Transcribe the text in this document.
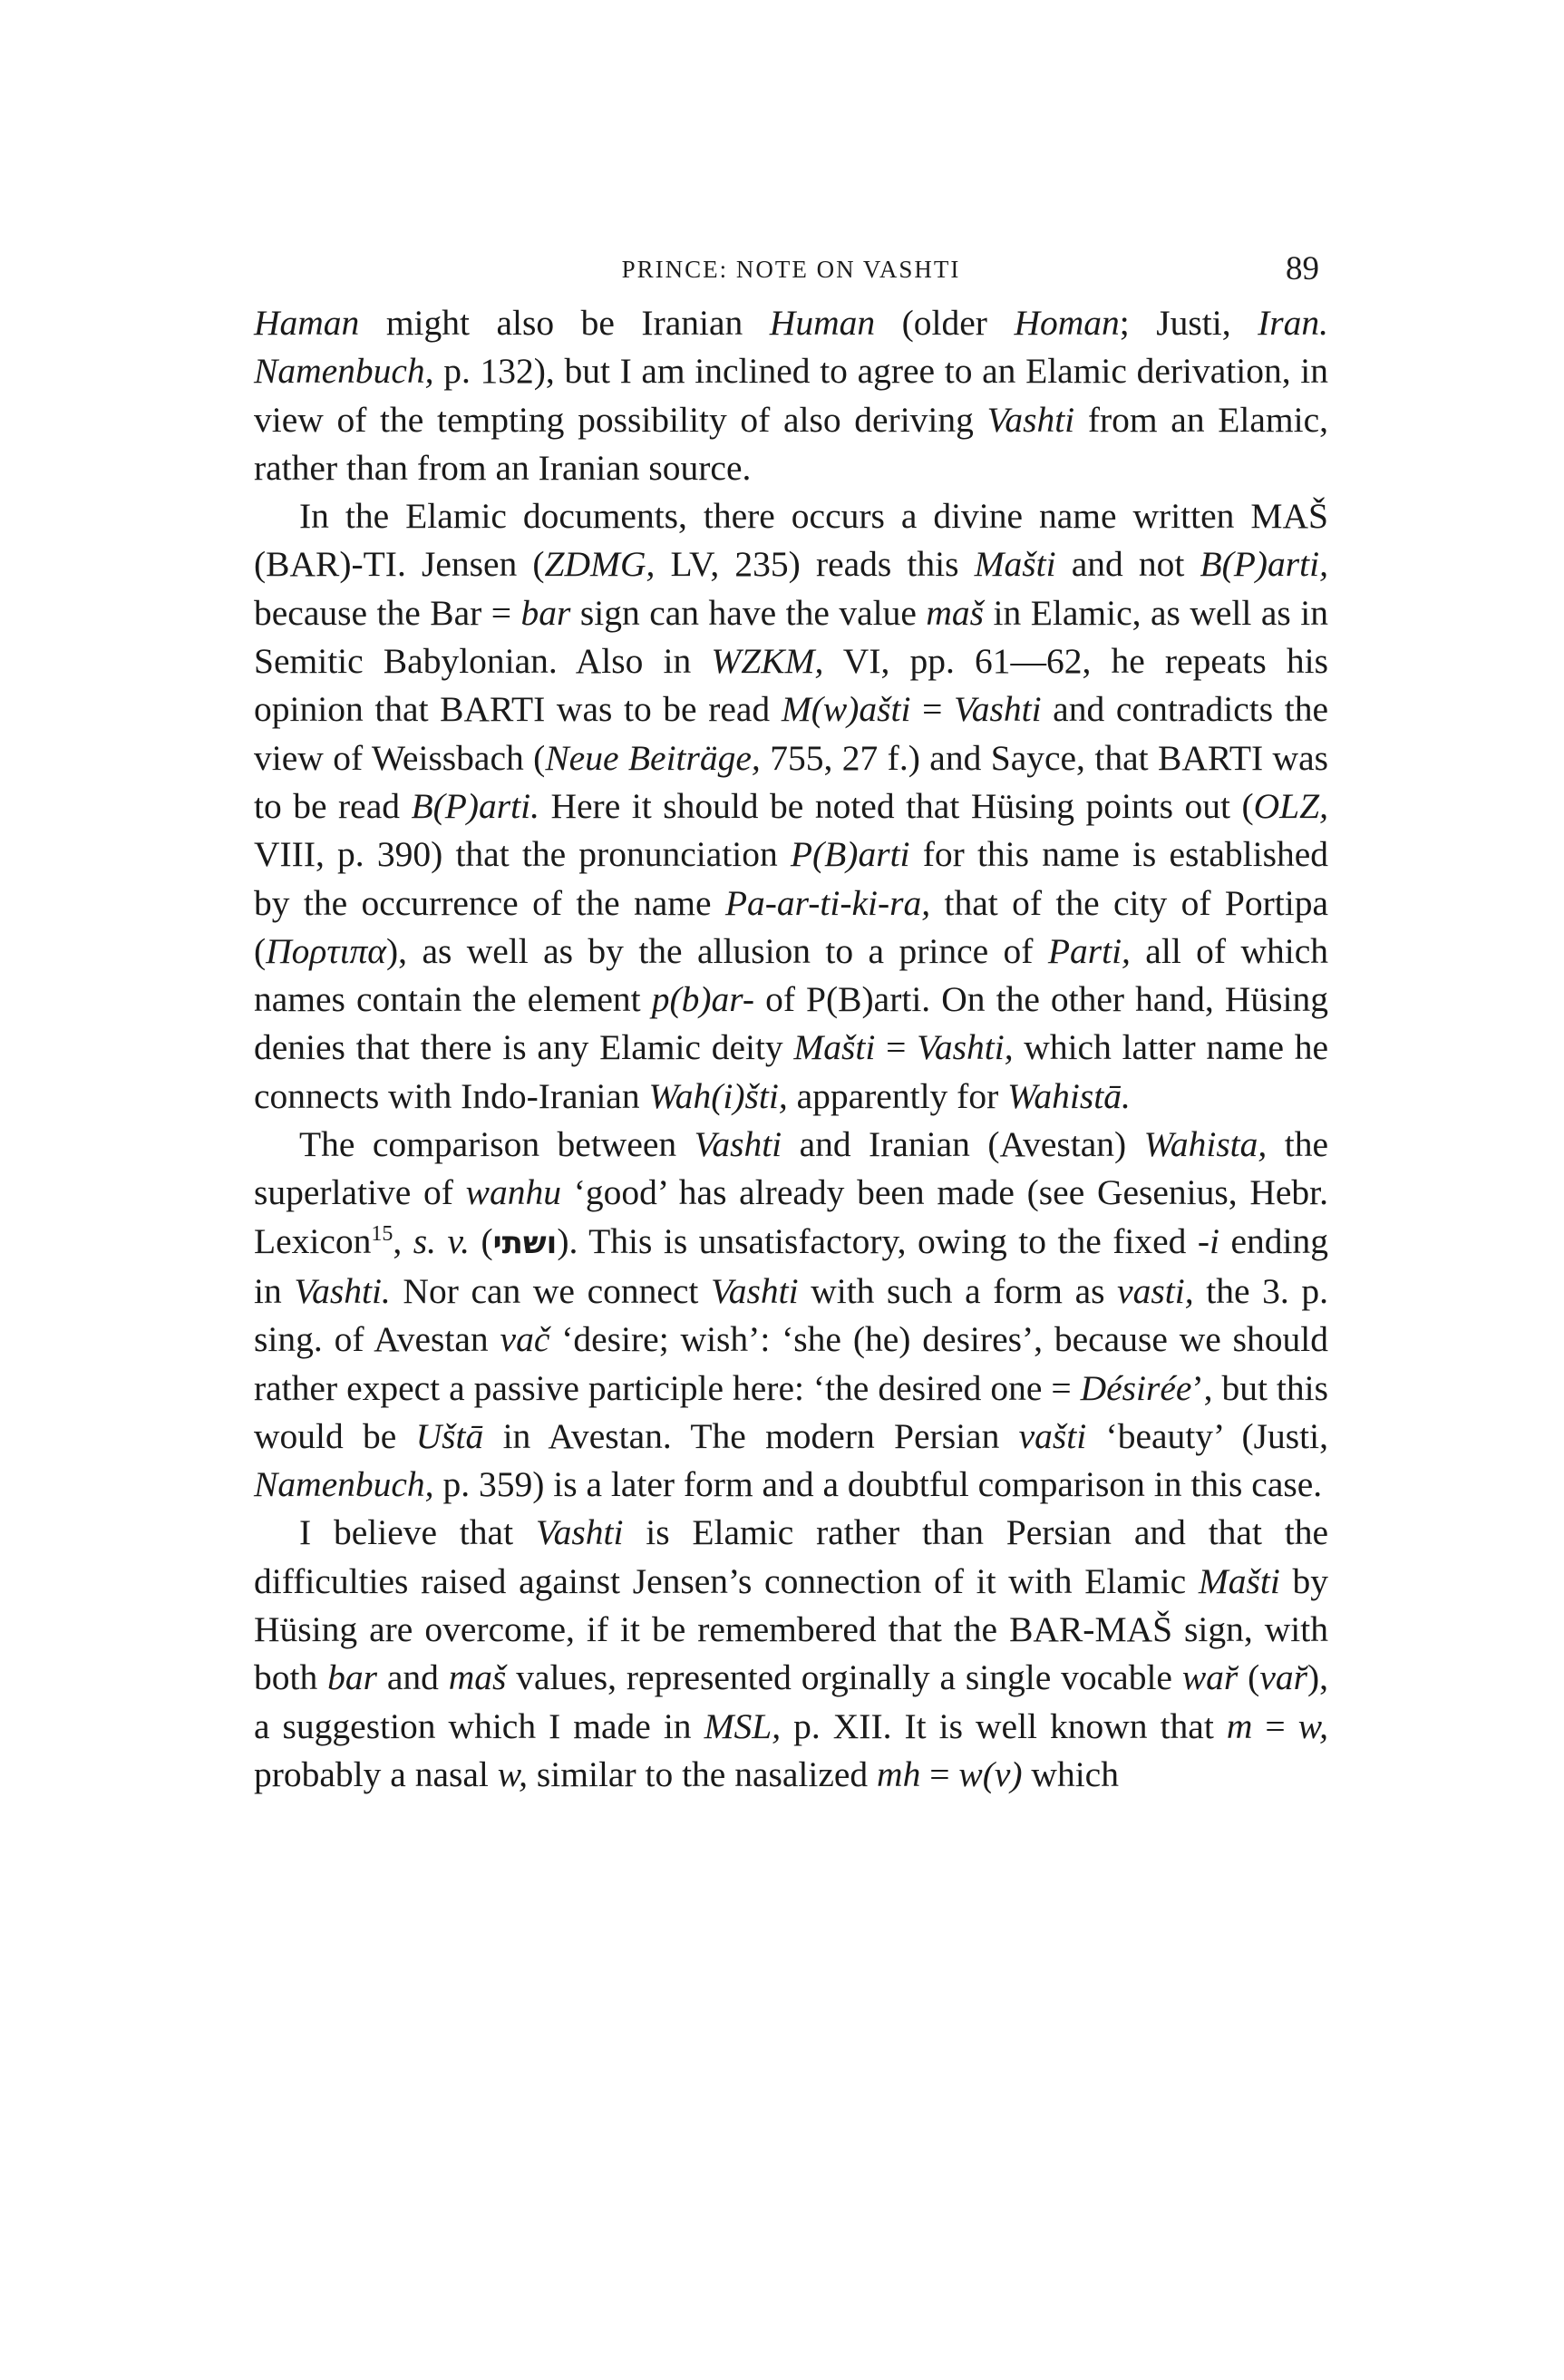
PRINCE: NOTE ON VASHTI	89

Haman might also be Iranian Human (older Homan; Justi, Iran. Namenbuch, p. 132), but I am inclined to agree to an Elamic derivation, in view of the tempting possibility of also deriving Vashti from an Elamic, rather than from an Iranian source.

In the Elamic documents, there occurs a divine name written MAŠ (BAR)-TI. Jensen (ZDMG, LV, 235) reads this Mašti and not B(P)arti, because the Bar = bar sign can have the value maš in Elamic, as well as in Semitic Babylonian. Also in WZKM, VI, pp. 61—62, he repeats his opinion that BARTI was to be read M(w)ašti = Vashti and contradicts the view of Weissbach (Neue Beiträge, 755, 27 f.) and Sayce, that BARTI was to be read B(P)arti. Here it should be noted that Hüsing points out (OLZ, VIII, p. 390) that the pronunciation P(B)arti for this name is established by the occurrence of the name Pa-ar-ti-ki-ra, that of the city of Portipa (Πορτιπα), as well as by the allusion to a prince of Parti, all of which names contain the element p(b)ar- of P(B)arti. On the other hand, Hüsing denies that there is any Elamic deity Mašti = Vashti, which latter name he connects with Indo-Iranian Wah(i)šti, apparently for Wahistā.

The comparison between Vashti and Iranian (Avestan) Wahista, the superlative of wanhu ‘good’ has already been made (see Gesenius, Hebr. Lexicon$^{15}$, s. v. (ושתי). This is unsatisfactory, owing to the fixed -i ending in Vashti. Nor can we connect Vashti with such a form as vasti, the 3. p. sing. of Avestan vač ‘desire; wish’: ‘she (he) desires’, because we should rather expect a passive participle here: ‘the desired one = Désirée’, but this would be Uštā in Avestan. The modern Persian vašti ‘beauty’ (Justi, Namenbuch, p. 359) is a later form and a doubtful comparison in this case.

I believe that Vashti is Elamic rather than Persian and that the difficulties raised against Jensen’s connection of it with Elamic Mašti by Hüsing are overcome, if it be remembered that the BAR-MAŠ sign, with both bar and maš values, represented orginally a single vocable war̆ (var̆), a suggestion which I made in MSL, p. XII. It is well known that m = w, probably a nasal w, similar to the nasalized mh = w(v) which
